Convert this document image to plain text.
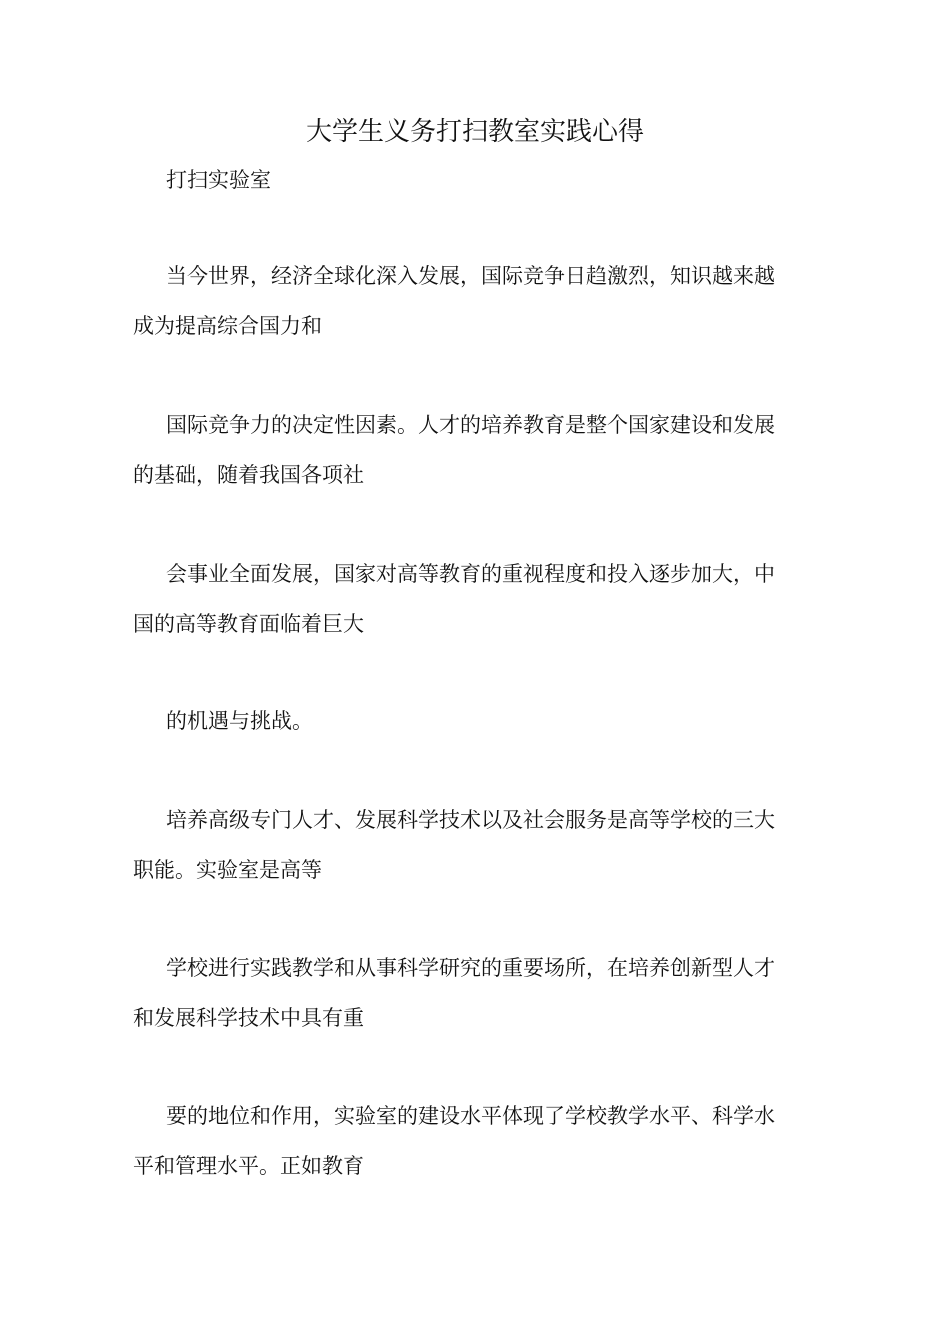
大学生义务打扫教室实践心得
打扫实验室
当今世界，经济全球化深入发展，国际竞争日趋激烈，知识越来越
成为提高综合国力和
国际竞争力的决定性因素。人才的培养教育是整个国家建设和发展
的基础，随着我国各项社
会事业全面发展，国家对高等教育的重视程度和投入逐步加大，中
国的高等教育面临着巨大
的机遇与挑战。
培养高级专门人才、发展科学技术以及社会服务是高等学校的三大
职能。实验室是高等
学校进行实践教学和从事科学研究的重要场所，在培养创新型人才
和发展科学技术中具有重
要的地位和作用，实验室的建设水平体现了学校教学水平、科学水
平和管理水平。正如教育
